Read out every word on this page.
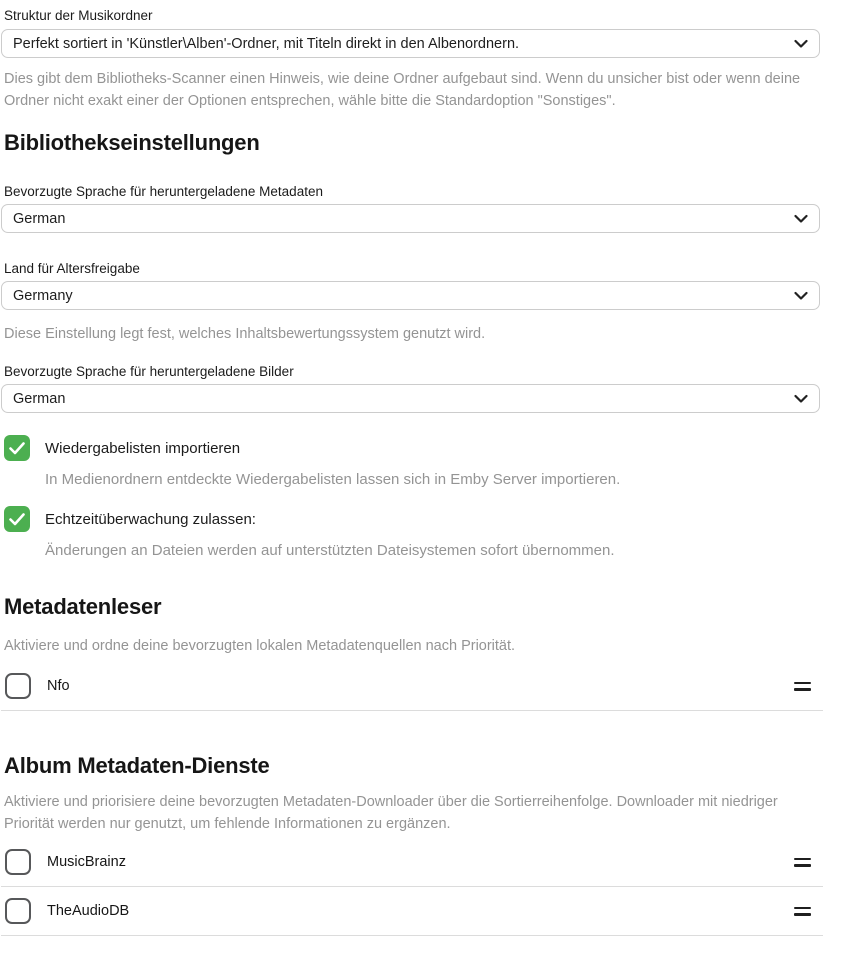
Struktur der Musikordner
Perfekt sortiert in 'Künstler\Alben'-Ordner, mit Titeln direkt in den Albenordnern.

Dies gibt dem Bibliotheks-Scanner einen Hinweis, wie deine Ordner aufgebaut sind. Wenn du unsicher bist oder wenn deine Ordner nicht exakt einer der Optionen entsprechen, wähle bitte die Standardoption "Sonstiges".

Bibliothekseinstellungen
Bevorzugte Sprache für heruntergeladene Metadaten
German
Land für Altersfreigabe
Germany

Diese Einstellung legt fest, welches Inhaltsbewertungssystem genutzt wird.

Bevorzugte Sprache für heruntergeladene Bilder
German
Wiedergabelisten importieren

In Medienordnern entdeckte Wiedergabelisten lassen sich in Emby Server importieren.

Echtzeitüberwachung zulassen:

Änderungen an Dateien werden auf unterstützten Dateisystemen sofort übernommen.

Metadatenleser

Aktiviere und ordne deine bevorzugten lokalen Metadatenquellen nach Priorität.

Nfo
Album Metadaten-Dienste

Aktiviere und priorisiere deine bevorzugten Metadaten-Downloader über die Sortierreihenfolge. Downloader mit niedriger Priorität werden nur genutzt, um fehlende Informationen zu ergänzen.

MusicBrainz
TheAudioDB
